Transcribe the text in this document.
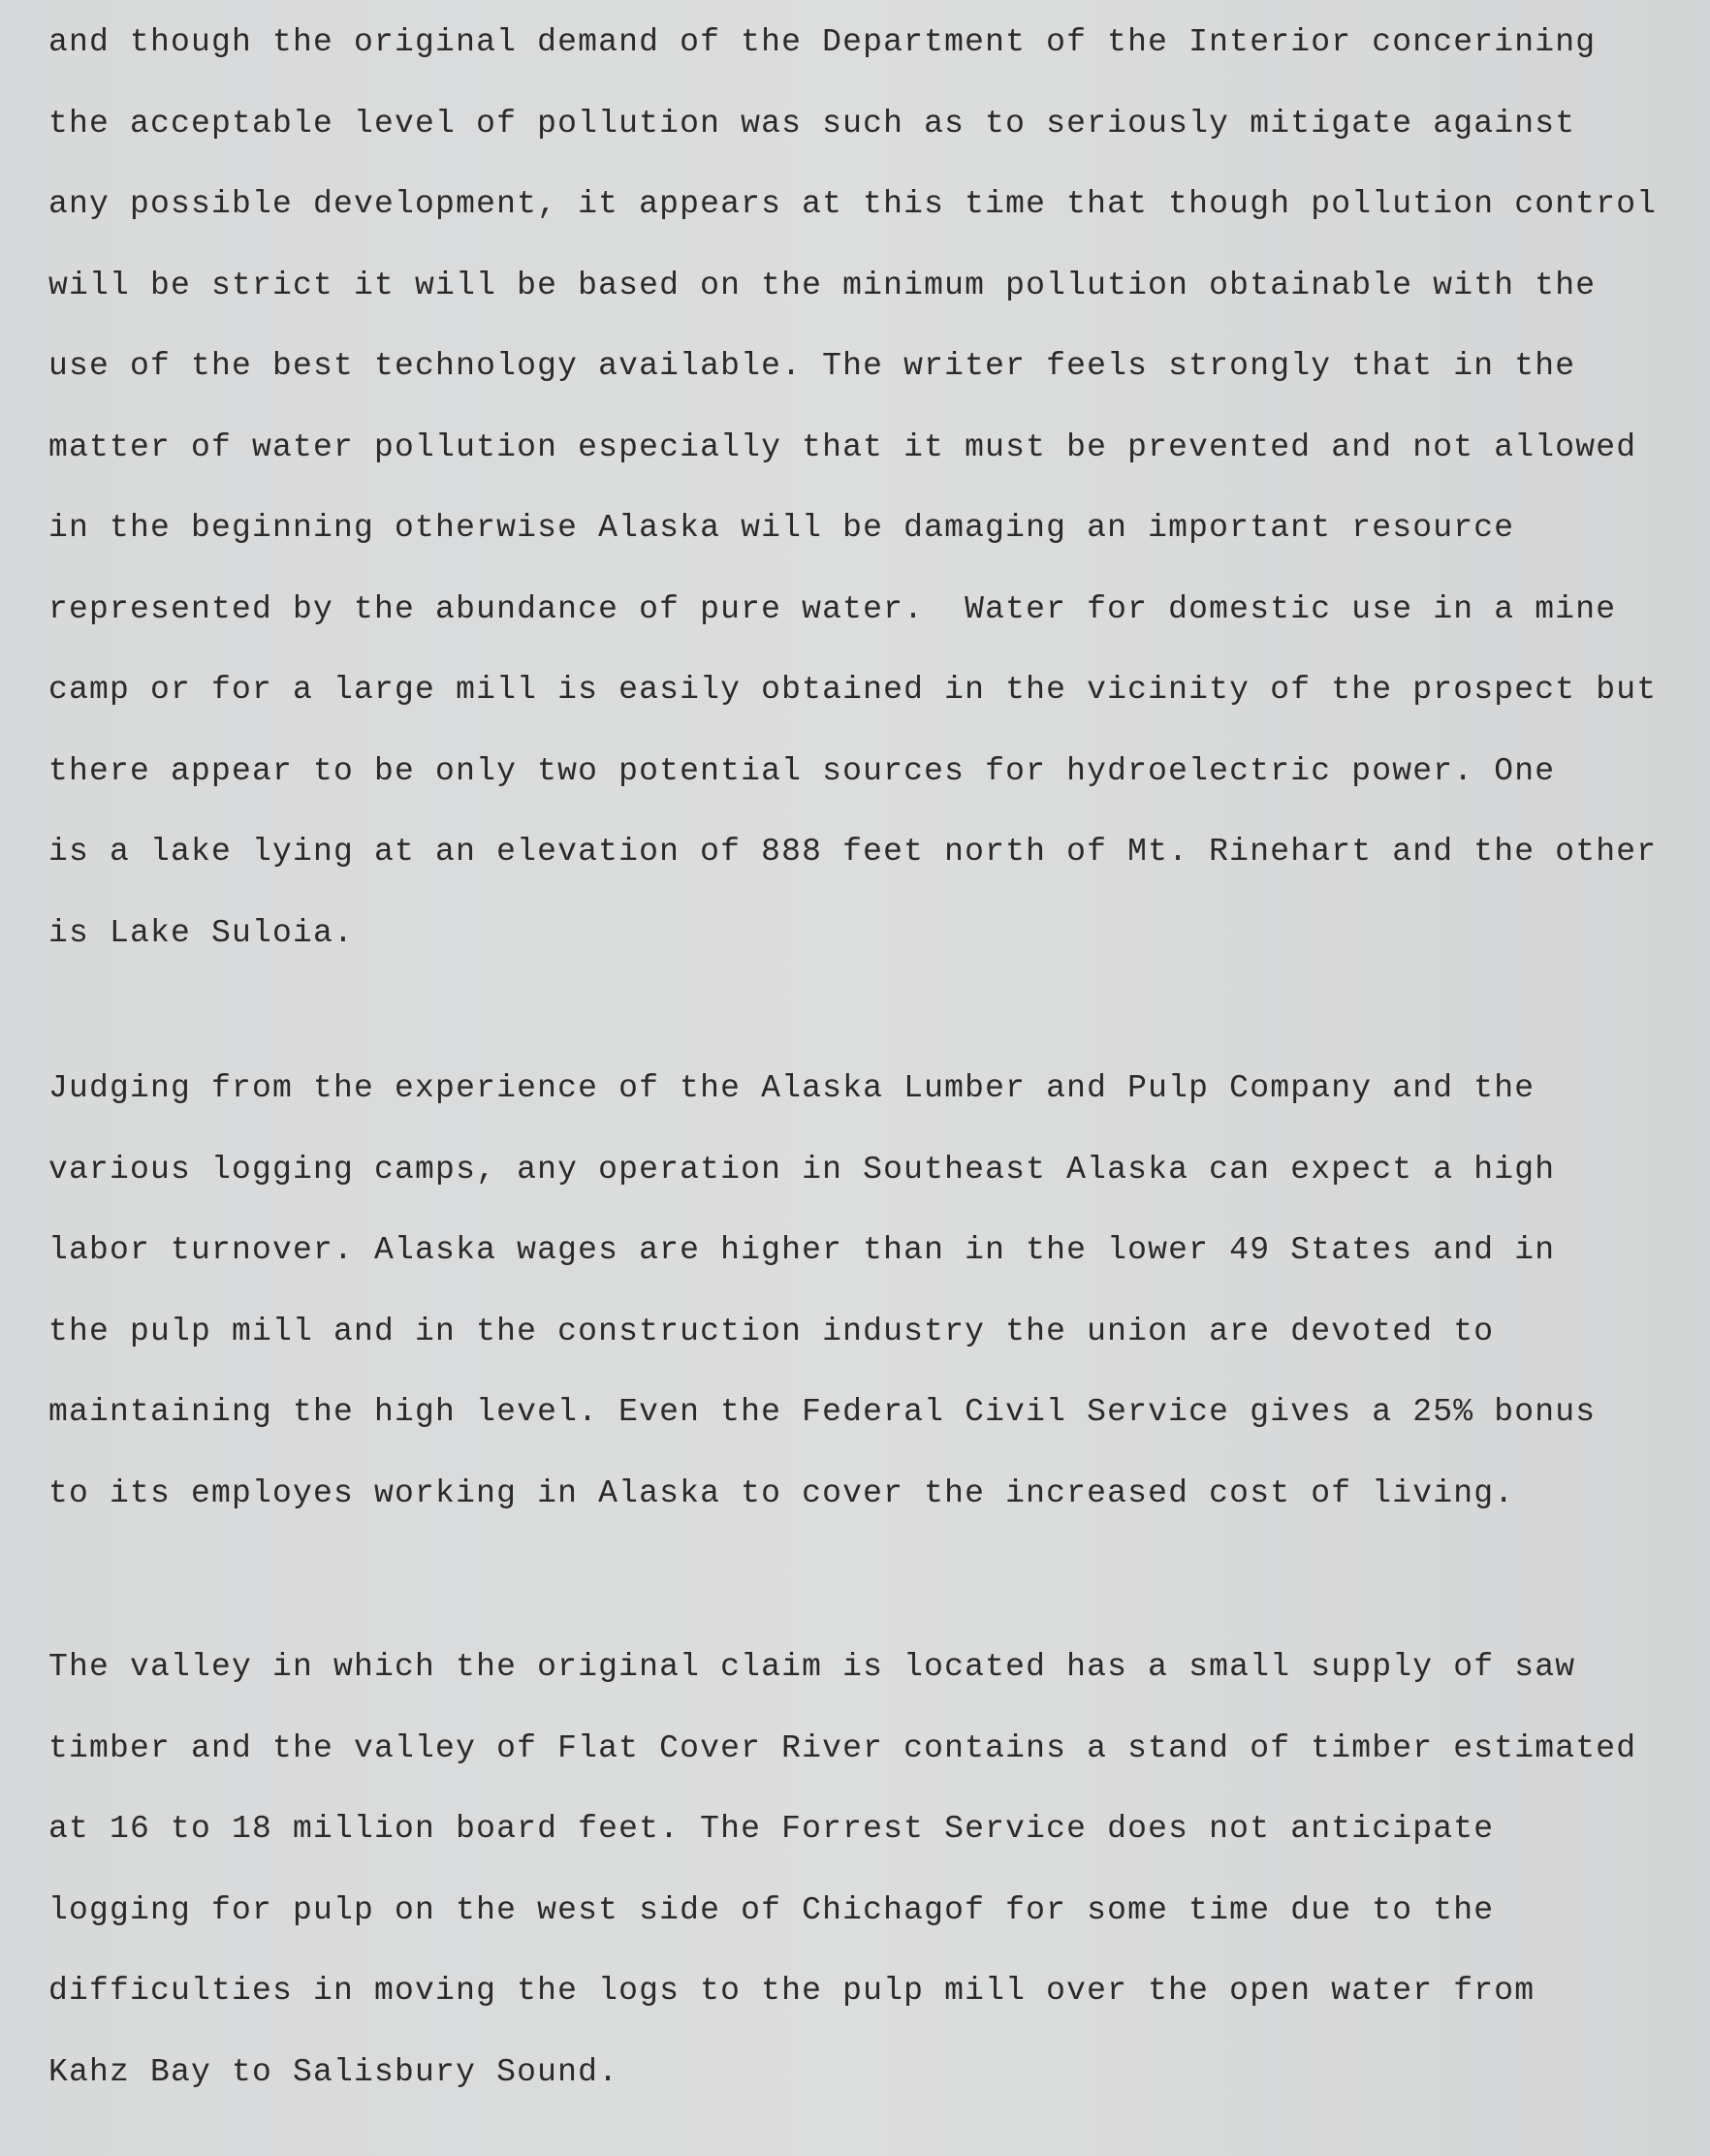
and though the original demand of the Department of the Interior concerining
the acceptable level of pollution was such as to seriously mitigate against
any possible development, it appears at this time that though pollution control
will be strict it will be based on the minimum pollution obtainable with the
use of the best technology available. The writer feels strongly that in the
matter of water pollution especially that it must be prevented and not allowed
in the beginning otherwise Alaska will be damaging an important resource
represented by the abundance of pure water.  Water for domestic use in a mine
camp or for a large mill is easily obtained in the vicinity of the prospect but
there appear to be only two potential sources for hydroelectric power. One
is a lake lying at an elevation of 888 feet north of Mt. Rinehart and the other
is Lake Suloia.
Judging from the experience of the Alaska Lumber and Pulp Company and the
various logging camps, any operation in Southeast Alaska can expect a high
labor turnover. Alaska wages are higher than in the lower 49 States and in
the pulp mill and in the construction industry the union are devoted to
maintaining the high level. Even the Federal Civil Service gives a 25% bonus
to its employes working in Alaska to cover the increased cost of living.
The valley in which the original claim is located has a small supply of saw
timber and the valley of Flat Cover River contains a stand of timber estimated
at 16 to 18 million board feet. The Forrest Service does not anticipate
logging for pulp on the west side of Chichagof for some time due to the
difficulties in moving the logs to the pulp mill over the open water from
Kahz Bay to Salisbury Sound.
